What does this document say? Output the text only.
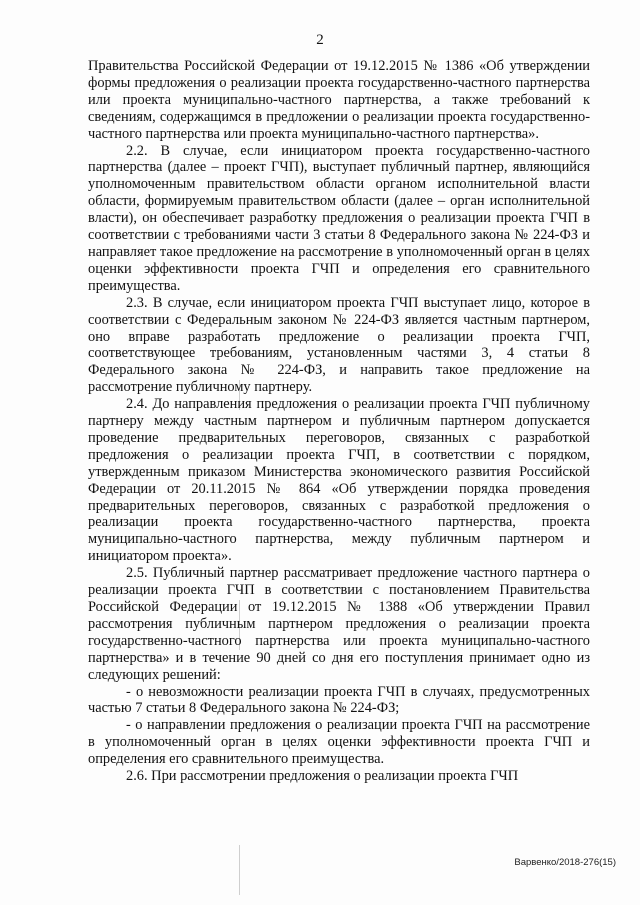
2

Правительства Российской Федерации от 19.12.2015 № 1386 «Об утверждении формы предложения о реализации проекта государственно-частного партнерства или проекта муниципально-частного партнерства, а также требований к сведениям, содержащимся в предложении о реализации проекта государственно-частного партнерства или проекта муниципально-частного партнерства».

2.2. В случае, если инициатором проекта государственно-частного партнерства (далее – проект ГЧП), выступает публичный партнер, являющийся уполномоченным правительством области органом исполнительной власти области, формируемым правительством области (далее – орган исполнительной власти), он обеспечивает разработку предложения о реализации проекта ГЧП в соответствии с требованиями части 3 статьи 8 Федерального закона № 224-ФЗ и направляет такое предложение на рассмотрение в уполномоченный орган в целях оценки эффективности проекта ГЧП и определения его сравнительного преимущества.

2.3. В случае, если инициатором проекта ГЧП выступает лицо, которое в соответствии с Федеральным законом № 224-ФЗ является частным партнером, оно вправе разработать предложение о реализации проекта ГЧП, соответствующее требованиям, установленным частями 3, 4 статьи 8 Федерального закона № 224-ФЗ, и направить такое предложение на рассмотрение публичному партнеру.

2.4. До направления предложения о реализации проекта ГЧП публичному партнеру между частным партнером и публичным партнером допускается проведение предварительных переговоров, связанных с разработкой предложения о реализации проекта ГЧП, в соответствии с порядком, утвержденным приказом Министерства экономического развития Российской Федерации от 20.11.2015 № 864 «Об утверждении порядка проведения предварительных переговоров, связанных с разработкой предложения о реализации проекта государственно-частного партнерства, проекта муниципально-частного партнерства, между публичным партнером и инициатором проекта».

2.5. Публичный партнер рассматривает предложение частного партнера о реализации проекта ГЧП в соответствии с постановлением Правительства Российской Федерации от 19.12.2015 № 1388 «Об утверждении Правил рассмотрения публичным партнером предложения о реализации проекта государственно-частного партнерства или проекта муниципально-частного партнерства» и в течение 90 дней со дня его поступления принимает одно из следующих решений:

- о невозможности реализации проекта ГЧП в случаях, предусмотренных частью 7 статьи 8 Федерального закона № 224-ФЗ;

- о направлении предложения о реализации проекта ГЧП на рассмотрение в уполномоченный орган в целях оценки эффективности проекта ГЧП и определения его сравнительного преимущества.

2.6. При рассмотрении предложения о реализации проекта ГЧП

Варвенко/2018-276(15)
